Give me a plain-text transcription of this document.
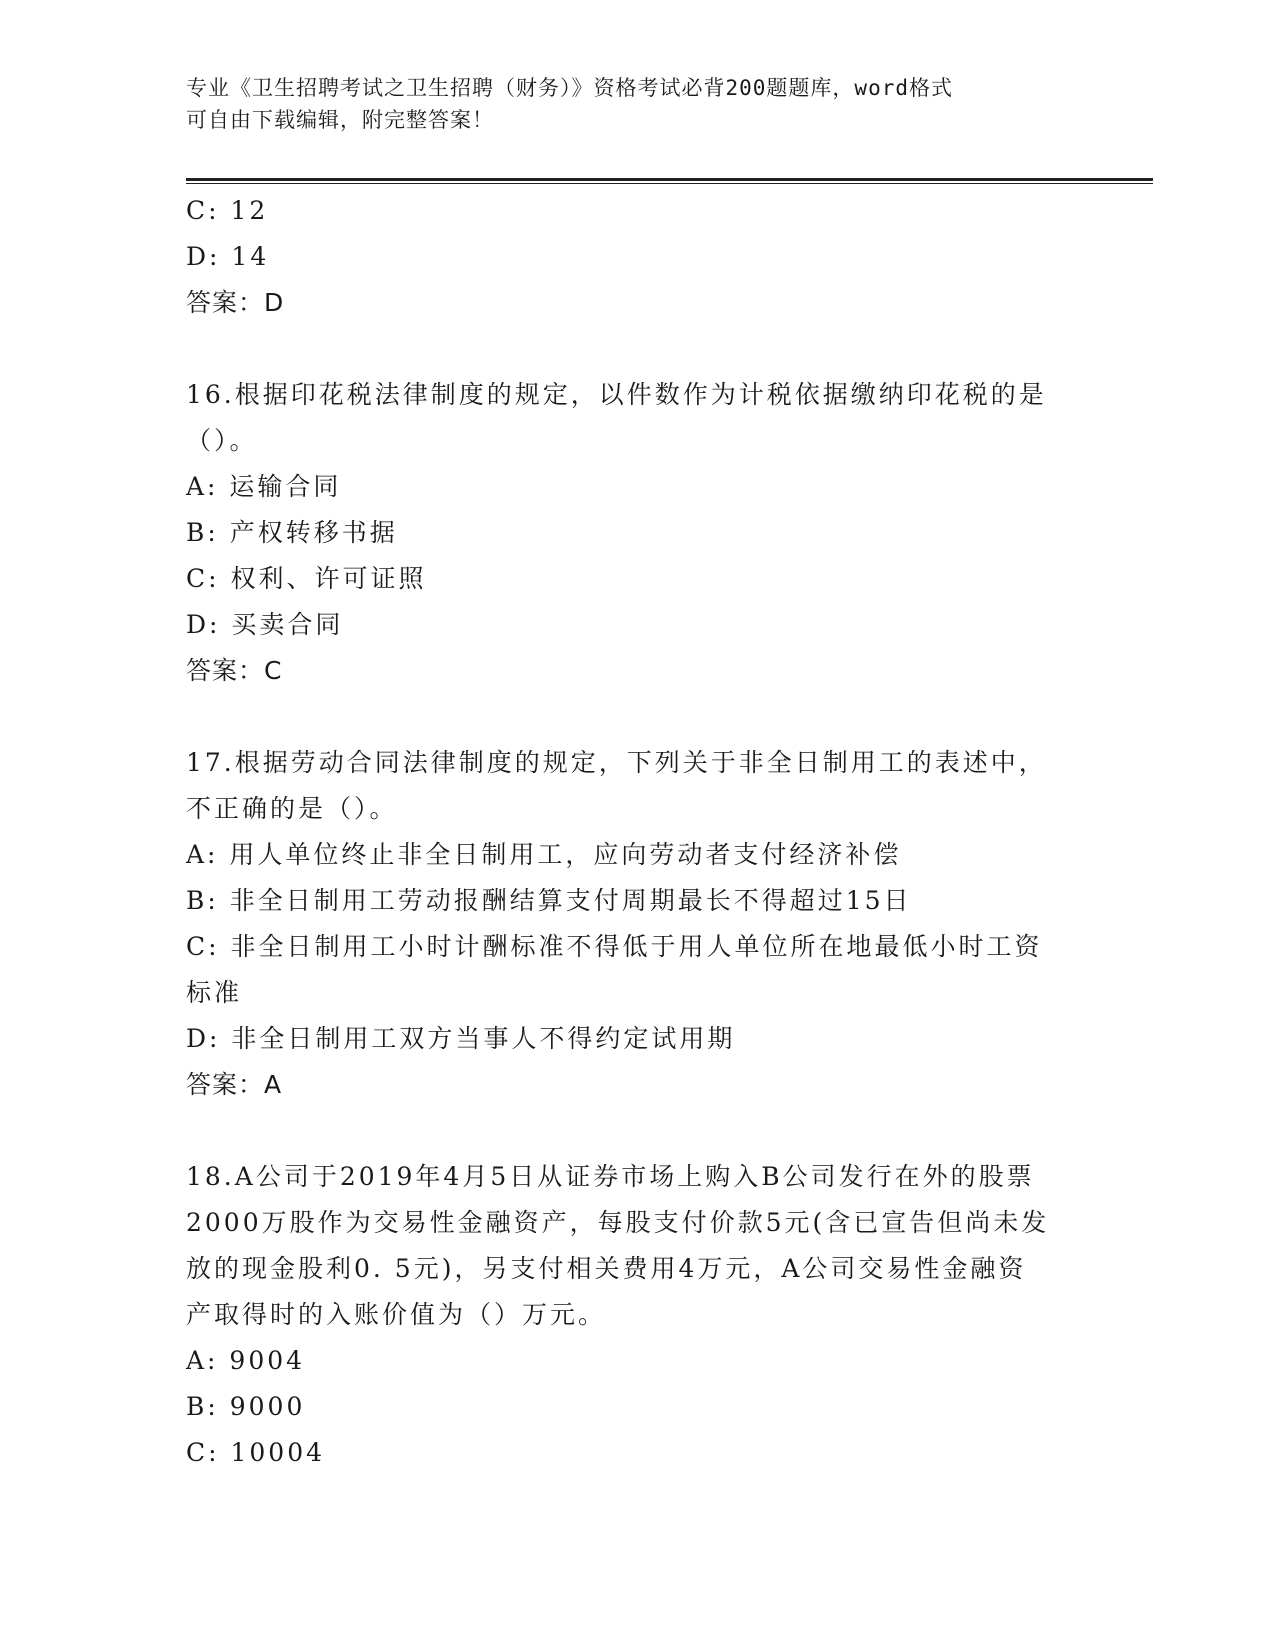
专业《卫生招聘考试之卫生招聘（财务）》资格考试必背200题题库，word格式
可自由下载编辑，附完整答案！
C: 12
D: 14
答案：D
16.根据印花税法律制度的规定，以件数作为计税依据缴纳印花税的是
（）。
A: 运输合同
B: 产权转移书据
C: 权利、许可证照
D: 买卖合同
答案：C
17.根据劳动合同法律制度的规定，下列关于非全日制用工的表述中，
不正确的是（）。
A: 用人单位终止非全日制用工，应向劳动者支付经济补偿
B: 非全日制用工劳动报酬结算支付周期最长不得超过15日
C: 非全日制用工小时计酬标准不得低于用人单位所在地最低小时工资
标准
D: 非全日制用工双方当事人不得约定试用期
答案：A
18.A公司于2019年4月5日从证券市场上购入B公司发行在外的股票
2000万股作为交易性金融资产，每股支付价款5元(含已宣告但尚未发
放的现金股利0. 5元)，另支付相关费用4万元，A公司交易性金融资
产取得时的入账价值为（）万元。
A: 9004
B: 9000
C: 10004
